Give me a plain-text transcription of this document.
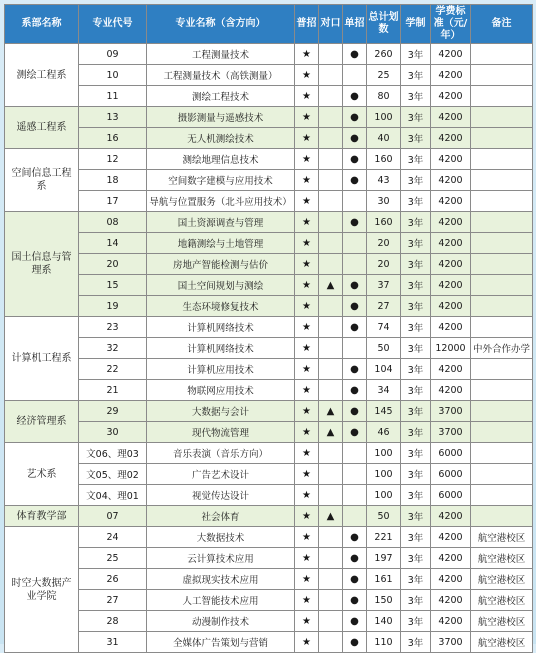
系部名称	专业代号	专业名称（含方向）	普招	对口	单招	总计划数	学制	学费标准（元/年）	备注
测绘工程系	09	工程测量技术	★		●	260	3年	4200	
	10	工程测量技术（高铁测量）	★			25	3年	4200	
	11	测绘工程技术	★		●	80	3年	4200	
遥感工程系	13	摄影测量与遥感技术	★		●	100	3年	4200	
	16	无人机测绘技术	★		●	40	3年	4200	
空间信息工程系	12	测绘地理信息技术	★		●	160	3年	4200	
	18	空间数字建模与应用技术	★		●	43	3年	4200	
	17	导航与位置服务（北斗应用技术）	★			30	3年	4200	
国土信息与管理系	08	国土资源调查与管理	★		●	160	3年	4200	
	14	地籍测绘与土地管理	★			20	3年	4200	
	20	房地产智能检测与估价	★			20	3年	4200	
	15	国土空间规划与测绘	★	▲	●	37	3年	4200	
	19	生态环境修复技术	★		●	27	3年	4200	
计算机工程系	23	计算机网络技术	★		●	74	3年	4200	
	32	计算机网络技术	★			50	3年	12000	中外合作办学
	22	计算机应用技术	★		●	104	3年	4200	
	21	物联网应用技术	★		●	34	3年	4200	
经济管理系	29	大数据与会计	★	▲	●	145	3年	3700	
	30	现代物流管理	★	▲	●	46	3年	3700	
艺术系	文06、理03	音乐表演（音乐方向）	★			100	3年	6000	
	文05、理02	广告艺术设计	★			100	3年	6000	
	文04、理01	视觉传达设计	★			100	3年	6000	
体育教学部	07	社会体育	★	▲		50	3年	4200	
时空大数据产业学院	24	大数据技术	★		●	221	3年	4200	航空港校区
	25	云计算技术应用	★		●	197	3年	4200	航空港校区
	26	虚拟现实技术应用	★		●	161	3年	4200	航空港校区
	27	人工智能技术应用	★		●	150	3年	4200	航空港校区
	28	动漫制作技术	★		●	140	3年	4200	航空港校区
	31	全媒体广告策划与营销	★		●	110	3年	3700	航空港校区
